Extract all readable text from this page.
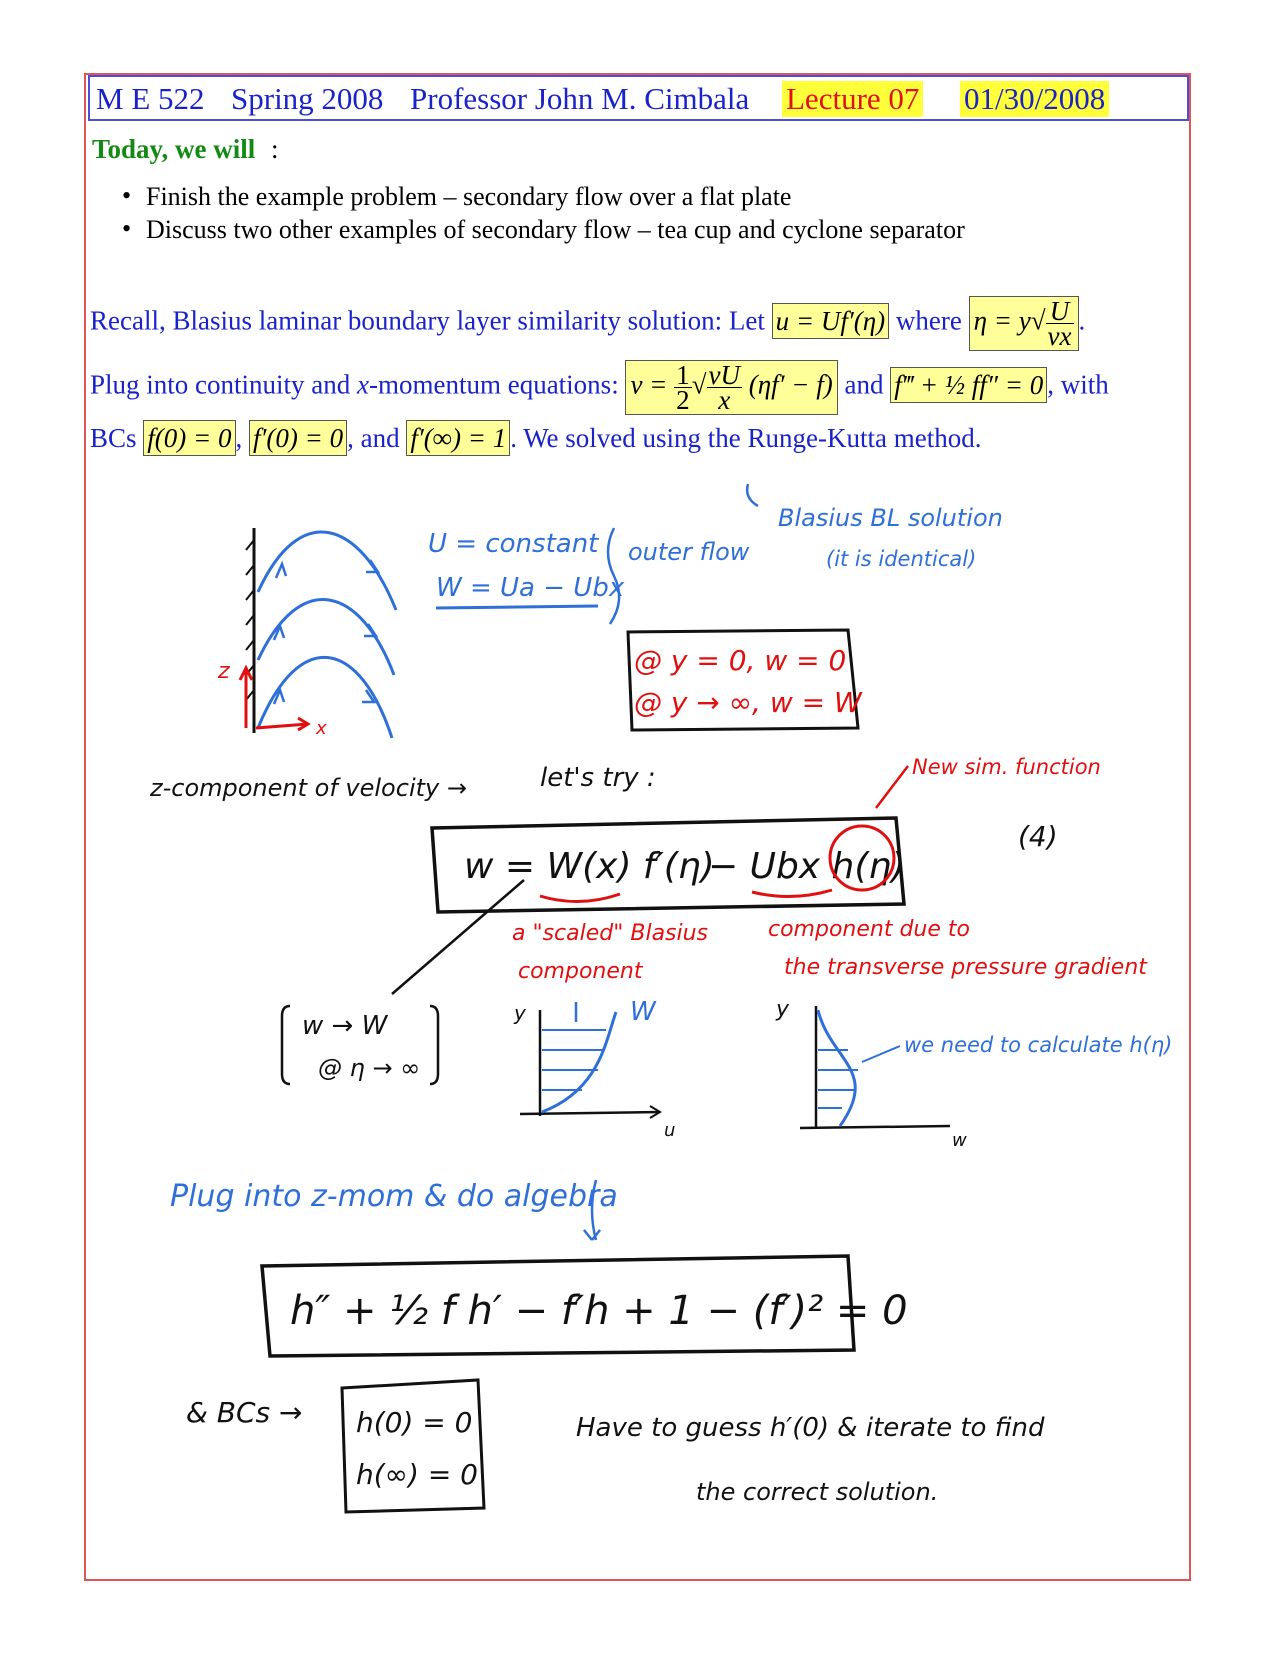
M E 522 Spring 2008 Professor John M. Cimbala Lecture 07 01/30/2008
Today, we will :
• Finish the example problem – secondary flow over a flat plate
• Discuss two other examples of secondary flow – tea cup and cyclone separator
Recall, Blasius laminar boundary layer similarity solution: Let u = Uf′(η) where $\eta = y√ \frac{U}{\nu x}$ .
Plug into continuity and x-momentum equations: $v = \frac{1}{2}$ √ $\frac{\nu U}{x} (\eta f' - f)$ and f‴ + ½ ff″ = 0 , with
BCs f(0) = 0 , f′(0) = 0 , and f′(∞) = 1 . We solved using the Runge-Kutta method.
Blasius BL solution
(it is identical)
z
x
U = constant
W = Ua − Ubx
outer flow
@ y = 0, w = 0
@ y → ∞, w = W
z-component of velocity →	let's try :	New sim. function
w = W(x) f′(η)
− Ubx h(η)
(4)
a "scaled" Blasius
component
component due to
the transverse pressure gradient
w → W
@ η → ∞
y	W
u
y
w
we need to calculate h(η)
Plug into z-mom & do algebra
h″ + ½ f h′ − f′h + 1 − (f′)² = 0
& BCs → h(0) = 0
h(∞) = 0
Have to guess h′(0) & iterate to find
the correct solution.
